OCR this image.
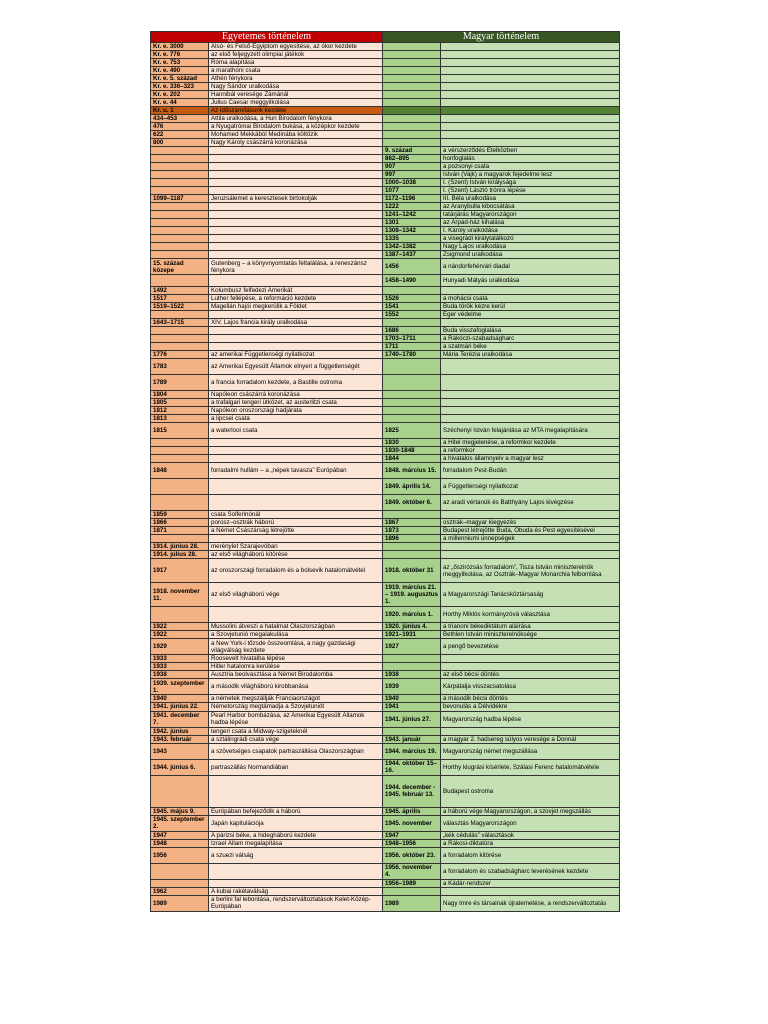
Egyetemes történelem		Magyar történelem	
Kr. e. 3000	Alsó- és Felső-Egyiptom egyesítése, az ókor kezdete		
Kr. e. 776	az első feljegyzett olimpiai játékok		
Kr. e. 753	Róma alapítása		
Kr. e. 490	a marathóni csata		
Kr. e. 5. század	Athén fénykora		
Kr. e. 336–323	Nagy Sándor uralkodása		
Kr. e. 202	Hannibál veresége Zámánál		
Kr. e. 44	Julius Caesar meggyilkolása		
Kr. u. 1	Az időszámításunk kezdete		
434–453	Attila uralkodása, a Hun Birodalom fénykora		
476	a Nyugatrómai Birodalom bukása, a középkor kezdete		
622	Mohamed Mekkából Medinába költözik		
800	Nagy Károly császárrá koronázása		
		9. század	a vérszerződés Etelközben
		862–895	honfoglalás
		907	a pozsonyi csata
		997	István (Vajk) a magyarok fejedelme lesz
		1000–1038	I. (Szent) István királysága
		1077	I. (Szent) László trónra lépése
1099–1187	Jeruzsálemet a keresztesek birtokolják	1172–1196	III. Béla uralkodása
		1222	az Aranybulla kibocsátása
		1241–1242	tatárjárás Magyarországon
		1301	az Árpád-ház kihalása
		1308–1342	I. Károly uralkodása
		1335	a visegrádi királytalálkozó
		1342–1382	Nagy Lajos uralkodása
		1387–1437	Zsigmond uralkodása
15. század közepe	Gutenberg – a könyvnyomtatás feltalálása, a reneszánsz fénykora	1456	a nándorfehérvári diadal
		1458–1490	Hunyadi Mátyás uralkodása
1492	Kolumbusz felfedezi Amerikát		
1517	Luther fellépése, a reformáció kezdete	1526	a mohácsi csata
1519–1522	Magellán hajói megkerülik a Földet	1541	Buda török kézre kerül
		1552	Eger védelme
1643–1715	XIV. Lajos francia király uralkodása		
		1686	Buda visszafoglalása
		1703–1711	a Rákóczi-szabadságharc
		1711	a szatmári béke
1776	az amerikai Függetlenségi nyilatkozat	1740–1780	Mária Terézia uralkodása
1783	az Amerikai Egyesült Államok elnyeri a függetlenségét		
1789	a francia forradalom kezdete, a Bastille ostroma		
1804	Napóleon császárrá koronázása		
1805	a trafalgari tengeri ütközet, az austerlitzi csata		
1812	Napóleon oroszországi hadjárata		
1813	a lipcsei csata		
1815	a waterlooi csata	1825	Széchenyi István felajánlása az MTA megalapítására
		1830	a Hitel megjelenése, a reformkor kezdete
		1830-1848	a reformkor
		1844	a hivatalos államnyelv a magyar lesz
1848	forradalmi hullám – a „népek tavasza” Európában	1848. március 15.	forradalom Pest-Budán
		1849. április 14.	a Függetlenségi nyilatkozat
		1849. október 6.	az aradi vértanúk és Batthyány Lajos kivégzése
1859	csata Solferinónál		
1866	porosz–osztrák háború	1867	osztrák–magyar kiegyezés
1871	a Német Császárság létrejötte	1873	Budapest létrejötte Buda, Óbuda és Pest egyesítésével
		1896	a millenniumi ünnepségek
1914. június 28.	merénylet Szarajevóban		
1914. július 28.	az első világháború kitörése		
1917	az oroszországi forradalom és a bolsevik hatalomátvétel	1918. október 31	az „őszirózsás forradalom”, Tisza István miniszterelnök meggyilkolása, az Osztrák–Magyar Monarchia felbomlása
1918. november 11.	az első világháború vége	1919. március 21. – 1919. augusztus 1.	a Magyarországi Tanácsköztársaság
		1920. március 1.	Horthy Miklós kormányzóvá választása
1922	Mussolini átveszi a hatalmat Olaszországban	1920. június 4.	a trianoni békediktátum aláírása
1922	a Szovjetunió megalakulása	1921–1931	Bethlen István miniszterelnöksége
1929	a New York-i tőzsde összeomlása, a nagy gazdasági világválság kezdete	1927	a pengő bevezetése
1933	Roosevelt hivatalba lépése		
1933	Hitler hatalomra kerülése		
1938	Ausztria beolvasztása a Német Birodalomba	1938	az első bécsi döntés
1939. szeptember 1.	a második világháború kirobbanása	1939	Kárpátalja visszacsatolása
1940	a németek megszállják Franciaországot	1940	a második bécsi döntés
1941. június 22.	Németország megtámadja a Szovjetuniót	1941	bevonulás a Délvidékre
1941. december 7.	Pearl Harbor bombázása, az Amerikai Egyesült Államok hadba lépése	1941. június 27.	Magyarország hadba lépése
1942. június	tengeri csata a Midway-szigeteknél		
1943. február	a sztálingrádi csata vége	1943. január	a magyar 2. hadsereg súlyos veresége a Donnál
1943	a szövetséges csapatok partraszállása Olaszországban	1944. március 19.	Magyarország német megszállása
1944. június 6.	partraszállás Normandiában	1944. október 15–16.	Horthy kiugrási kísérlete, Szálasi Ferenc hatalomátvétele
		1944. december - 1945. február 13.	Budapest ostroma
1945. május 9.	Európában befejeződik a háború	1945. április	a háború vége Magyarországon, a szovjet megszállás
1945. szeptember 2.	Japán kapitulációja	1945. november	választás Magyarországon
1947	A párizsi béke, a hidegháború kezdete	1947	„kék cédulás” választások
1948	Izrael Állam megalapítása	1948–1956	a Rákosi-diktatúra
1956	a szuezi válság	1956. október 23.	a forradalom kitörése
		1956. november 4.	a forradalom és szabadságharc leverésének kezdete
		1956–1989	a Kádár-rendszer
1962	A kubai rakétaválság		
1989	a berlini fal lebontása, rendszerváltoztatások Kelet-Közép-Európában	1989	Nagy Imre és társainak újratemetése, a rendszerváltoztatás
